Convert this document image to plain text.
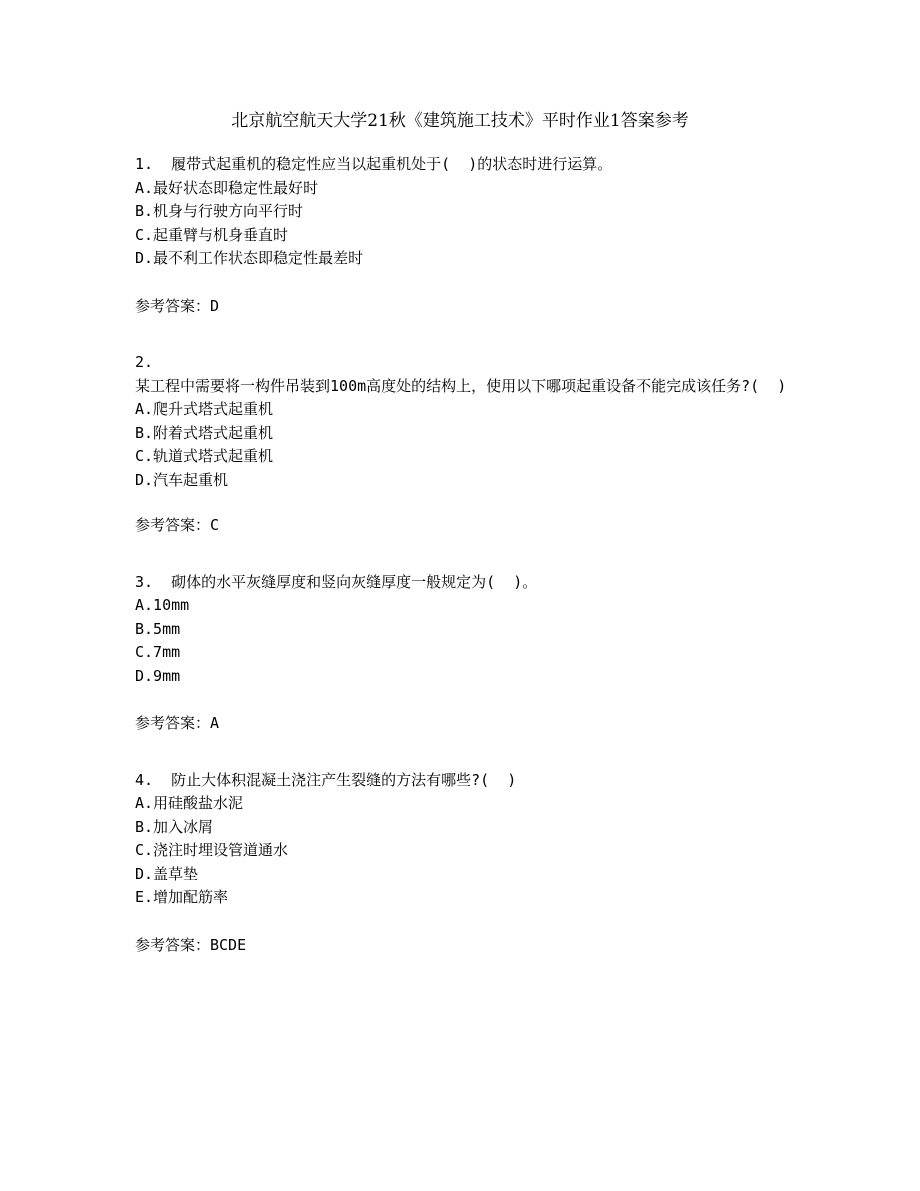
北京航空航天大学21秋《建筑施工技术》平时作业1答案参考
1.  履带式起重机的稳定性应当以起重机处于(  )的状态时进行运算。
A.最好状态即稳定性最好时
B.机身与行驶方向平行时
C.起重臂与机身垂直时
D.最不利工作状态即稳定性最差时
参考答案：D
2.
某工程中需要将一构件吊装到100m高度处的结构上，使用以下哪项起重设备不能完成该任务?(  )
A.爬升式塔式起重机
B.附着式塔式起重机
C.轨道式塔式起重机
D.汽车起重机
参考答案：C
3.  砌体的水平灰缝厚度和竖向灰缝厚度一般规定为(  )。
A.10mm
B.5mm
C.7mm
D.9mm
参考答案：A
4.  防止大体积混凝土浇注产生裂缝的方法有哪些?(  )
A.用硅酸盐水泥
B.加入冰屑
C.浇注时埋设管道通水
D.盖草垫
E.增加配筋率
参考答案：BCDE
